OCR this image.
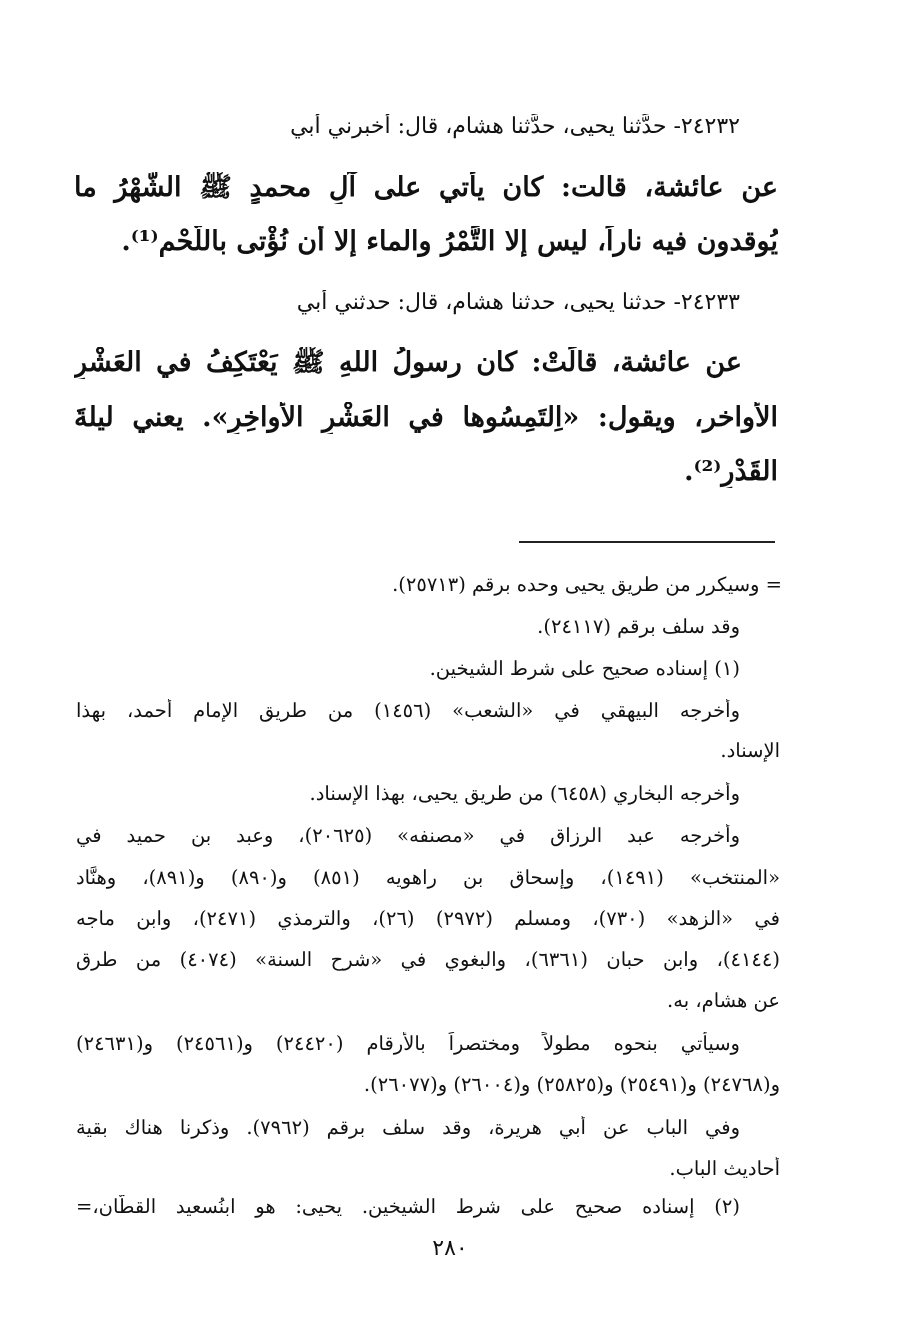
٢٤٢٣٢- حدَّثنا يحيى، حدَّثنا هشام، قال: أخبرني أبي
عن عائشة، قالت: كان يأتي على آلِ محمدٍ ﷺ الشَّهْرُ ما
يُوقدون فيه ناراً، ليس إلا التَّمْرُ والماء إلا أن نُؤْتى باللَّحْم⁽¹⁾.
٢٤٢٣٣- حدثنا يحيى، حدثنا هشام، قال: حدثني أبي
عن عائشة، قالَتْ: كان رسولُ اللهِ ﷺ يَعْتَكِفُ في العَشْرِ
الأواخر، ويقول: «اِلتَمِسُوها في العَشْرِ الأواخِرِ». يعني ليلةَ
القَدْرِ⁽²⁾.
= وسيكرر من طريق يحيى وحده برقم (٢٥٧١٣).
وقد سلف برقم (٢٤١١٧).
(١) إسناده صحيح على شرط الشيخين.
وأخرجه البيهقي في «الشعب» (١٤٥٦) من طريق الإمام أحمد، بهذا
الإسناد.
وأخرجه البخاري (٦٤٥٨) من طريق يحيى، بهذا الإسناد.
وأخرجه عبد الرزاق في «مصنفه» (٢٠٦٢٥)، وعبد بن حميد في
«المنتخب» (١٤٩١)، وإسحاق بن راهويه (٨٥١) و(٨٩٠) و(٨٩١)، وهنَّاد
في «الزهد» (٧٣٠)، ومسلم (٢٩٧٢) (٢٦)، والترمذي (٢٤٧١)، وابن ماجه
(٤١٤٤)، وابن حبان (٦٣٦١)، والبغوي في «شرح السنة» (٤٠٧٤) من طرق
عن هشام، به.
وسيأتي بنحوه مطولاً ومختصراً بالأرقام (٢٤٤٢٠) و(٢٤٥٦١) و(٢٤٦٣١)
و(٢٤٧٦٨) و(٢٥٤٩١) و(٢٥٨٢٥) و(٢٦٠٠٤) و(٢٦٠٧٧).
وفي الباب عن أبي هريرة، وقد سلف برقم (٧٩٦٢). وذكرنا هناك بقية
أحاديث الباب.
(٢) إسناده صحيح على شرط الشيخين. يحيى: هو ابنُسعيد القطَّان،=
٢٨٠
